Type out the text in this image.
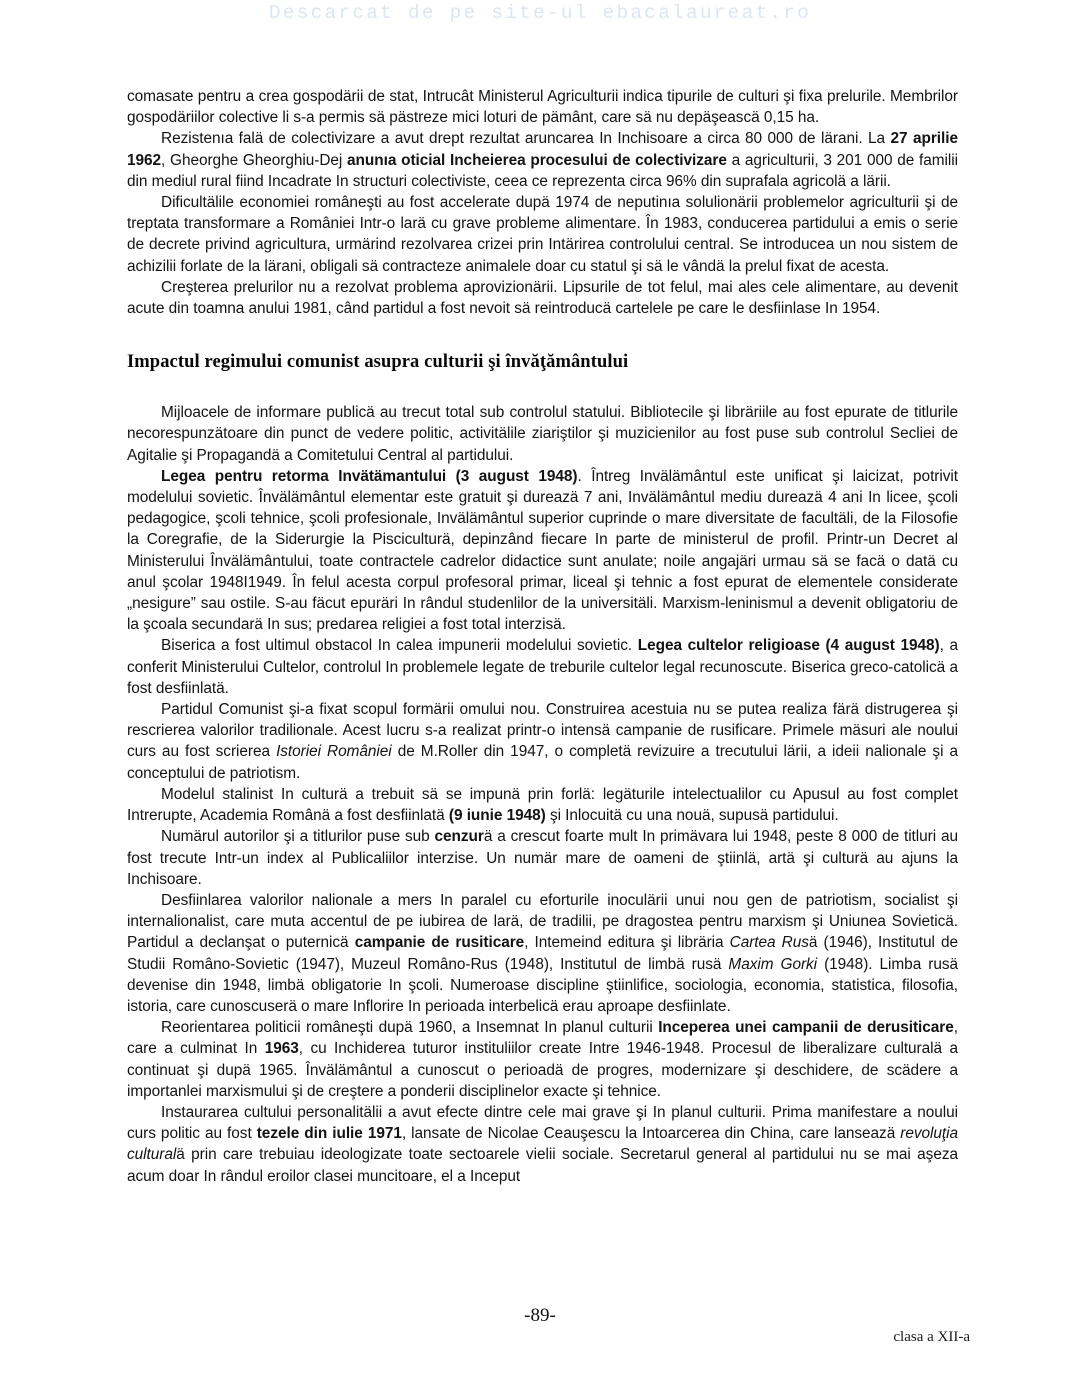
Descarcat de pe site-ul ebacalaureat.ro

comasate pentru a crea gospodärii de stat, Intrucât Ministerul Agriculturii indica tipurile de culturi şi fixa prelurile. Membrilor gospodäriilor colective li s-a permis sä pästreze mici loturi de pämânt, care sä nu depäşeascä 0,15 ha.

Rezistenıa falä de colectivizare a avut drept rezultat aruncarea In Inchisoare a circa 80 000 de lärani. La 27 aprilie 1962, Gheorghe Gheorghiu-Dej anunıa oticial Incheierea procesului de colectivizare a agriculturii, 3 201 000 de familii din mediul rural fiind Incadrate In structuri colectiviste, ceea ce reprezenta circa 96% din suprafala agricolä a lärii.

Dificultälile economiei româneşti au fost accelerate dupä 1974 de neputinıa solulionärii problemelor agriculturii şi de treptata transformare a României Intr-o larä cu grave probleme alimentare. În 1983, conducerea partidului a emis o serie de decrete privind agricultura, urmärind rezolvarea crizei prin Intärirea controlului central. Se introducea un nou sistem de achizilii forlate de la lärani, obligali sä contracteze animalele doar cu statul şi sä le vândä la prelul fixat de acesta.

Creşterea prelurilor nu a rezolvat problema aprovizionärii. Lipsurile de tot felul, mai ales cele alimentare, au devenit acute din toamna anului 1981, când partidul a fost nevoit sä reintroducä cartelele pe care le desfiinlase In 1954.

Impactul regimului comunist asupra culturii şi învăţământului

Mijloacele de informare publicä au trecut total sub controlul statului. Bibliotecile şi libräriile au fost epurate de titlurile necorespunzätoare din punct de vedere politic, activitälile ziariştilor şi muzicienilor au fost puse sub controlul Secliei de Agitalie şi Propagandä a Comitetului Central al partidului.

Legea pentru retorma Invätämantului (3 august 1948). Întreg Invälämântul este unificat şi laicizat, potrivit modelului sovietic. Învälämântul elementar este gratuit şi dureazä 7 ani, Invälämântul mediu dureazä 4 ani In licee, şcoli pedagogice, şcoli tehnice, şcoli profesionale, Invälämântul superior cuprinde o mare diversitate de facultäli, de la Filosofie la Coregrafie, de la Siderurgie la Pisciculturä, depinzând fiecare In parte de ministerul de profil. Printr-un Decret al Ministerului Învälämântului, toate contractele cadrelor didactice sunt anulate; noile angajäri urmau sä se facä o datä cu anul şcolar 1948I1949. În felul acesta corpul profesoral primar, liceal şi tehnic a fost epurat de elementele considerate „nesigure” sau ostile. S-au fäcut epuräri In rândul studenlilor de la universitäli. Marxism-leninismul a devenit obligatoriu de la şcoala secundarä In sus; predarea religiei a fost total interzisä.

Biserica a fost ultimul obstacol In calea impunerii modelului sovietic. Legea cultelor religioase (4 august 1948), a conferit Ministerului Cultelor, controlul In problemele legate de treburile cultelor legal recunoscute. Biserica greco-catolicä a fost desfiinlatä.

Partidul Comunist şi-a fixat scopul formärii omului nou. Construirea acestuia nu se putea realiza färä distrugerea şi rescrierea valorilor tradilionale. Acest lucru s-a realizat printr-o intensä campanie de rusificare. Primele mäsuri ale noului curs au fost scrierea Istoriei României de M.Roller din 1947, o completä revizuire a trecutului lärii, a ideii nalionale şi a conceptului de patriotism.

Modelul stalinist In culturä a trebuit sä se impunä prin forlä: legäturile intelectualilor cu Apusul au fost complet Intrerupte, Academia Românä a fost desfiinlatä (9 iunie 1948) şi Inlocuitä cu una nouä, supusä partidului.

Numärul autorilor şi a titlurilor puse sub cenzurä a crescut foarte mult In primävara lui 1948, peste 8 000 de titluri au fost trecute Intr-un index al Publicaliilor interzise. Un numär mare de oameni de ştiinlä, artä şi culturä au ajuns la Inchisoare.

Desfiinlarea valorilor nalionale a mers In paralel cu eforturile inoculärii unui nou gen de patriotism, socialist şi internalionalist, care muta accentul de pe iubirea de larä, de tradilii, pe dragostea pentru marxism şi Uniunea Sovieticä. Partidul a declanşat o puternicä campanie de rusiticare, Intemeind editura şi libräria Cartea Rusä (1946), Institutul de Studii Româno-Sovietic (1947), Muzeul Româno-Rus (1948), Institutul de limbä rusä Maxim Gorki (1948). Limba rusä devenise din 1948, limbä obligatorie In şcoli. Numeroase discipline ştiinlifice, sociologia, economia, statistica, filosofia, istoria, care cunoscuserä o mare Inflorire In perioada interbelicä erau aproape desfiinlate.

Reorientarea politicii româneşti dupä 1960, a Insemnat In planul culturii Inceperea unei campanii de derusiticare, care a culminat In 1963, cu Inchiderea tuturor instituliilor create Intre 1946-1948. Procesul de liberalizare culturalä a continuat şi dupä 1965. Învälämântul a cunoscut o perioadä de progres, modernizare şi deschidere, de scädere a importanlei marxismului şi de creştere a ponderii disciplinelor exacte şi tehnice.

Instaurarea cultului personalitälii a avut efecte dintre cele mai grave şi In planul culturii. Prima manifestare a noului curs politic au fost tezele din iulie 1971, lansate de Nicolae Ceauşescu la Intoarcerea din China, care lanseazä revoluţia culturalä prin care trebuiau ideologizate toate sectoarele vielii sociale. Secretarul general al partidului nu se mai aşeza acum doar In rândul eroilor clasei muncitoare, el a Inceput

-89-
clasa a XII-a
